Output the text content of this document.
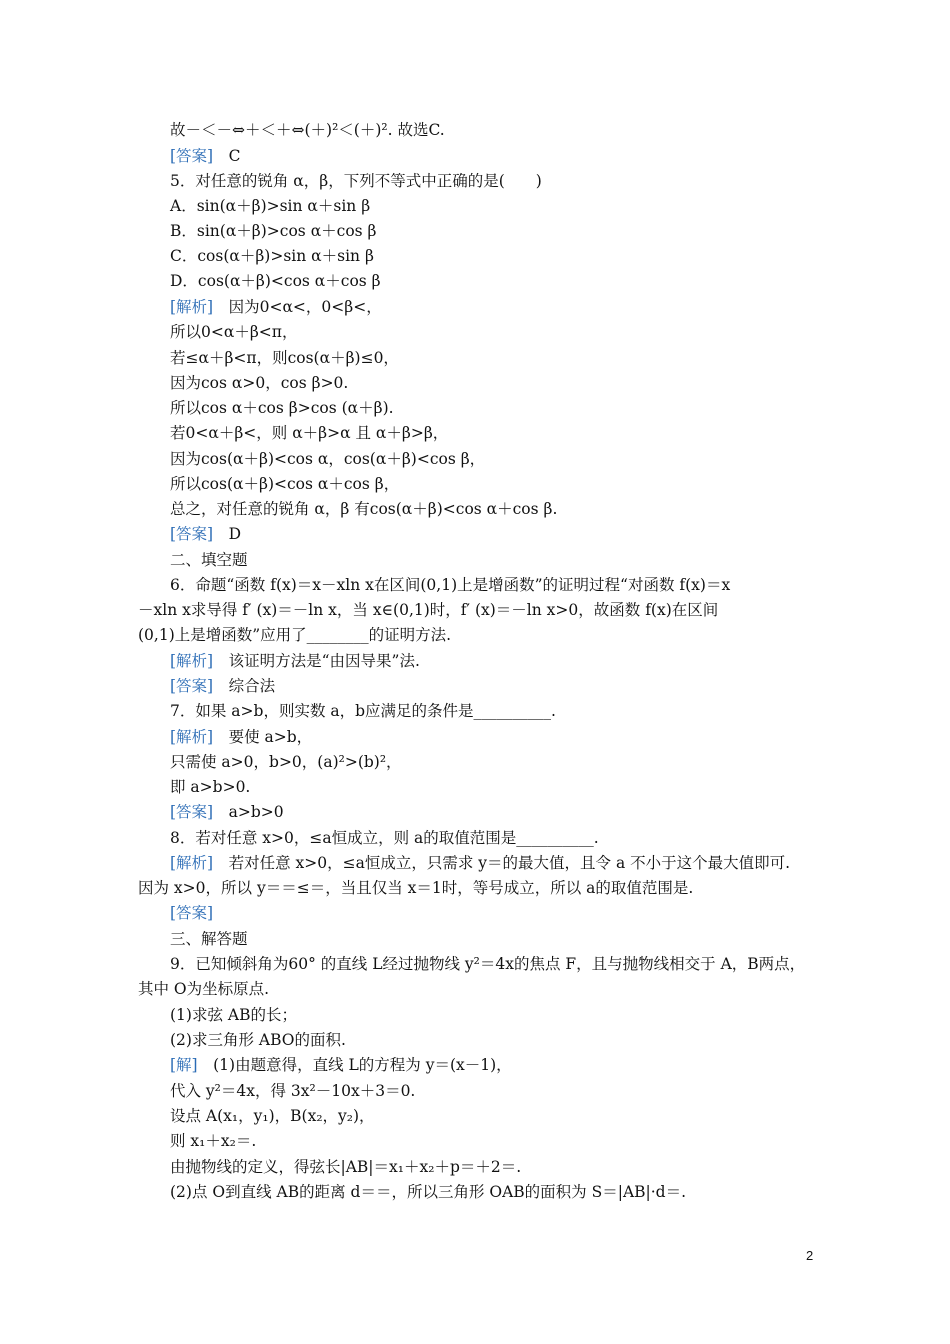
故－＜－⇔＋＜＋⇔(＋)²＜(＋)². 故选C.
[答案]  C
5．对任意的锐角 α，β，下列不等式中正确的是(　　)
A．sin(α＋β)>sin α＋sin β
B．sin(α＋β)>cos α＋cos β
C．cos(α＋β)>sin α＋sin β
D．cos(α＋β)<cos α＋cos β
[解析]  因为0<α<，0<β<，
所以0<α＋β<π，
若≤α＋β<π，则cos(α＋β)≤0，
因为cos α>0，cos β>0.
所以cos α＋cos β>cos (α＋β).
若0<α＋β<，则 α＋β>α 且 α＋β>β，
因为cos(α＋β)<cos α，cos(α＋β)<cos β，
所以cos(α＋β)<cos α＋cos β，
总之，对任意的锐角 α，β 有cos(α＋β)<cos α＋cos β.
[答案]  D
二、填空题
6．命题“函数 f(x)＝x－xln x在区间(0,1)上是增函数”的证明过程“对函数 f(x)＝x
－xln x求导得 f′ (x)＝－ln x，当 x∈(0,1)时，f′ (x)＝－ln x>0，故函数 f(x)在区间
(0,1)上是增函数”应用了________的证明方法.
[解析]  该证明方法是“由因导果”法.
[答案]  综合法
7．如果 a>b，则实数 a，b应满足的条件是__________.
[解析]  要使 a>b，
只需使 a>0，b>0，(a)²>(b)²，
即 a>b>0.
[答案]  a>b>0
8．若对任意 x>0，≤a恒成立，则 a的取值范围是__________.
[解析]  若对任意 x>0，≤a恒成立，只需求 y＝的最大值，且令 a 不小于这个最大值即可.
因为 x>0，所以 y＝＝≤＝，当且仅当 x＝1时，等号成立，所以 a的取值范围是.
[答案] 
三、解答题
9．已知倾斜角为60° 的直线 L经过抛物线 y²＝4x的焦点 F，且与抛物线相交于 A，B两点，
其中 O为坐标原点.
(1)求弦 AB的长；
(2)求三角形 ABO的面积.
[解]  (1)由题意得，直线 L的方程为 y＝(x－1)，
代入 y²＝4x，得 3x²－10x＋3＝0.
设点 A(x₁，y₁)，B(x₂，y₂)，
则 x₁＋x₂＝.
由抛物线的定义，得弦长|AB|＝x₁＋x₂＋p＝＋2＝.
(2)点 O到直线 AB的距离 d＝＝，所以三角形 OAB的面积为 S＝|AB|·d＝.
2
